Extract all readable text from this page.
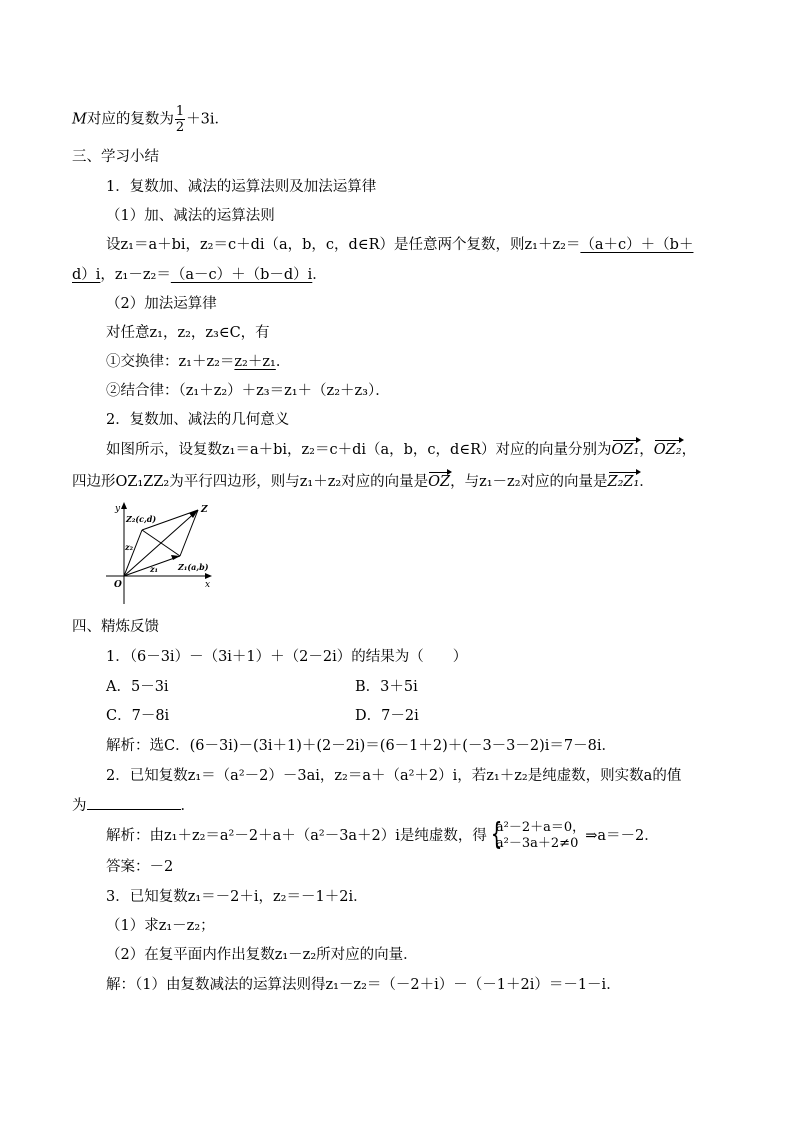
M对应的复数为 $\frac{1}{2} +3i$．
三、学习小结
1．复数加、减法的运算法则及加法运算律
（1）加、减法的运算法则
设z₁＝a＋bi，z₂＝c＋di（a，b，c，d∈R）是任意两个复数，则z₁＋z₂＝（a＋c）＋（b＋
d）i，z₁－z₂＝（a－c）＋（b－d）i．
（2）加法运算律
对任意z₁，z₂，z₃∈C，有
①交换律：z₁＋z₂＝z₂＋z₁．
②结合律：（z₁＋z₂）＋z₃＝z₁＋（z₂＋z₃）．
2．复数加、减法的几何意义
如图所示，设复数z₁＝a＋bi，z₂＝c＋di（a，b，c，d∈R）对应的向量分别为OZ₁，OZ₂，
四边形OZ₁ZZ₂为平行四边形，则与z₁＋z₂对应的向量是OZ，与z₁－z₂对应的向量是Z₂Z₁．
y
x
O
Z
Z₂(c,d)
Z₁(a,b)
z₂
z₁
四、精炼反馈
1．（6－3i）－（3i＋1）＋（2－2i）的结果为（　　）
A．5－3i	B．3＋5i
C．7－8i	D．7－2i
解析：选C．(6－3i)－(3i＋1)＋(2－2i)＝(6－1＋2)＋(－3－3－2)i＝7－8i．
2．已知复数z₁＝（a²－2）－3ai，z₂＝a＋（a²＋2）i，若z₁＋z₂是纯虚数，则实数a的值
为	．
解析：由z₁＋z₂＝a²－2＋a＋（a²－3a＋2）i是纯虚数，得 {
a²－2＋a＝0，
a²－3a＋2≠0 ⇒a＝－2．
答案：－2
3．已知复数z₁＝－2＋i，z₂＝－1＋2i．
（1）求z₁－z₂；
（2）在复平面内作出复数z₁－z₂所对应的向量．
解：（1）由复数减法的运算法则得z₁－z₂＝（－2＋i）－（－1＋2i）＝－1－i．
